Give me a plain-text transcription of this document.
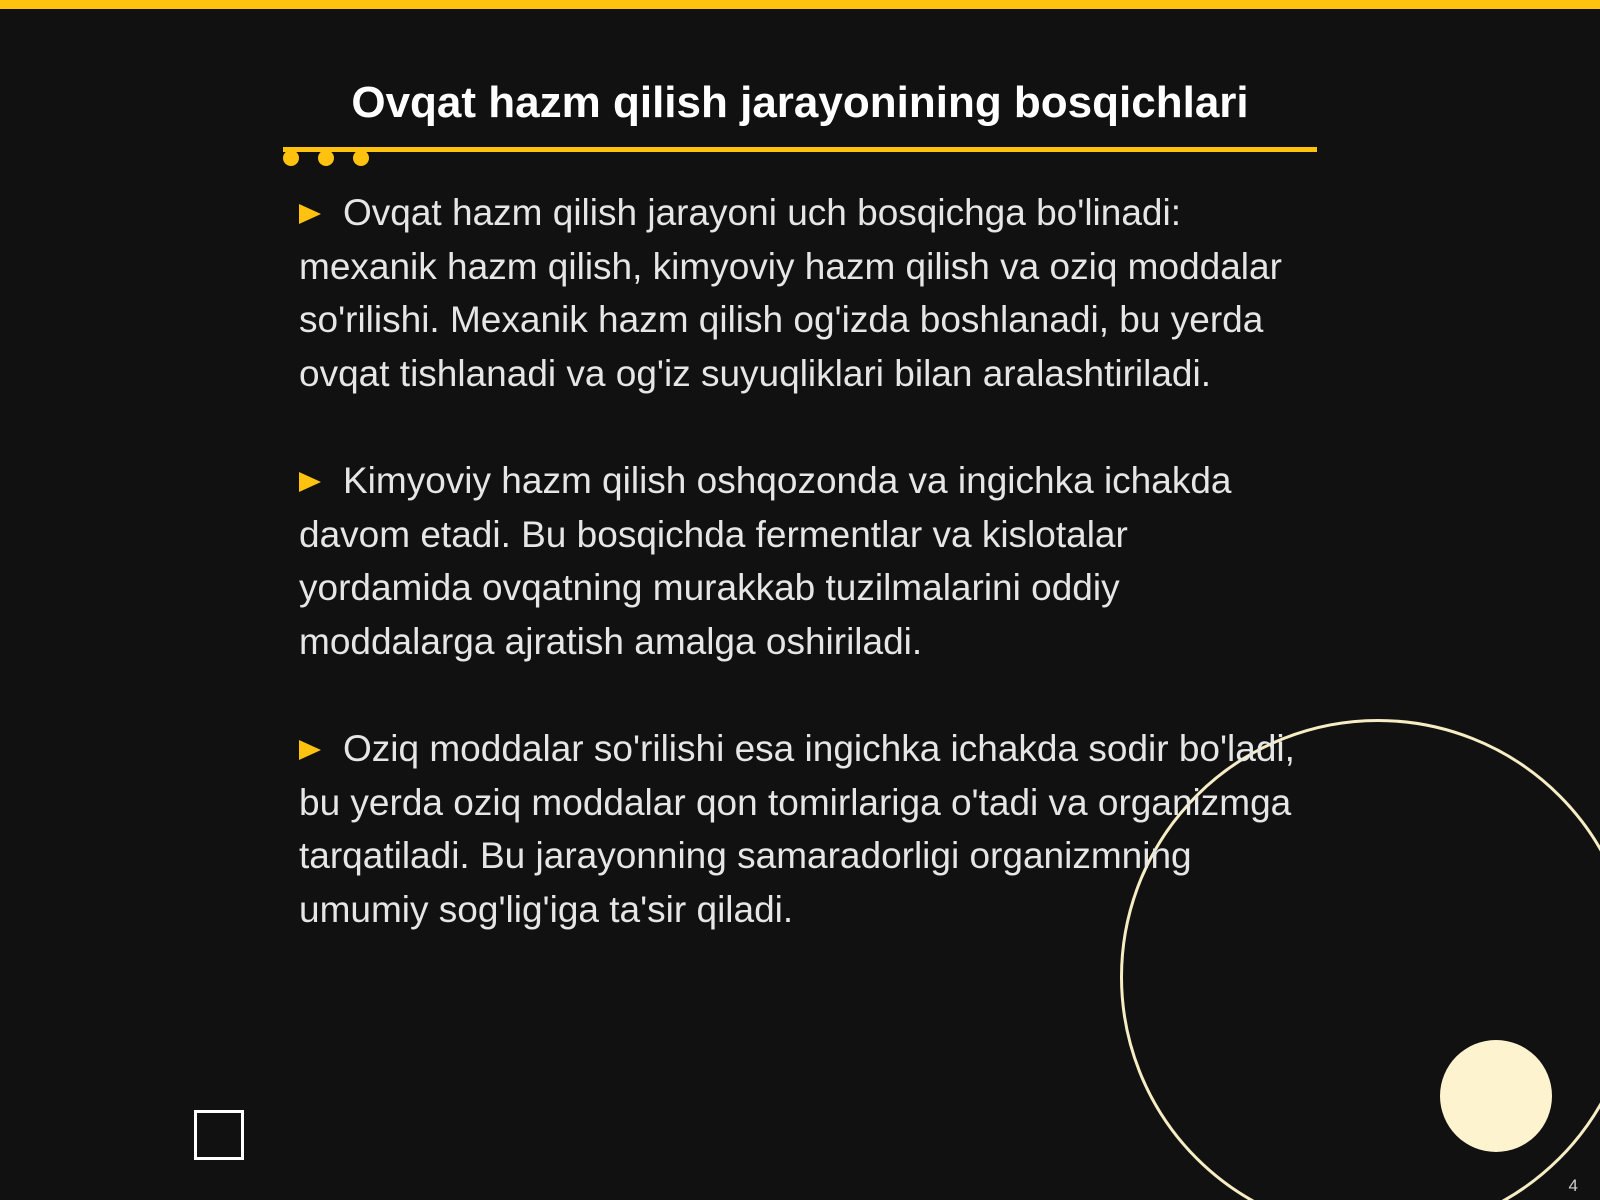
Ovqat hazm qilish jarayonining bosqichlari

Ovqat hazm qilish jarayoni uch bosqichga bo'linadi: mexanik hazm qilish, kimyoviy hazm qilish va oziq moddalar so'rilishi. Mexanik hazm qilish og'izda boshlanadi, bu yerda ovqat tishlanadi va og'iz suyuqliklari bilan aralashtiriladi.

Kimyoviy hazm qilish oshqozonda va ingichka ichakda davom etadi. Bu bosqichda fermentlar va kislotalar yordamida ovqatning murakkab tuzilmalarini oddiy moddalarga ajratish amalga oshiriladi.

Oziq moddalar so'rilishi esa ingichka ichakda sodir bo'ladi, bu yerda oziq moddalar qon tomirlariga o'tadi va organizmga tarqatiladi. Bu jarayonning samaradorligi organizmning umumiy sog'lig'iga ta'sir qiladi.

4
